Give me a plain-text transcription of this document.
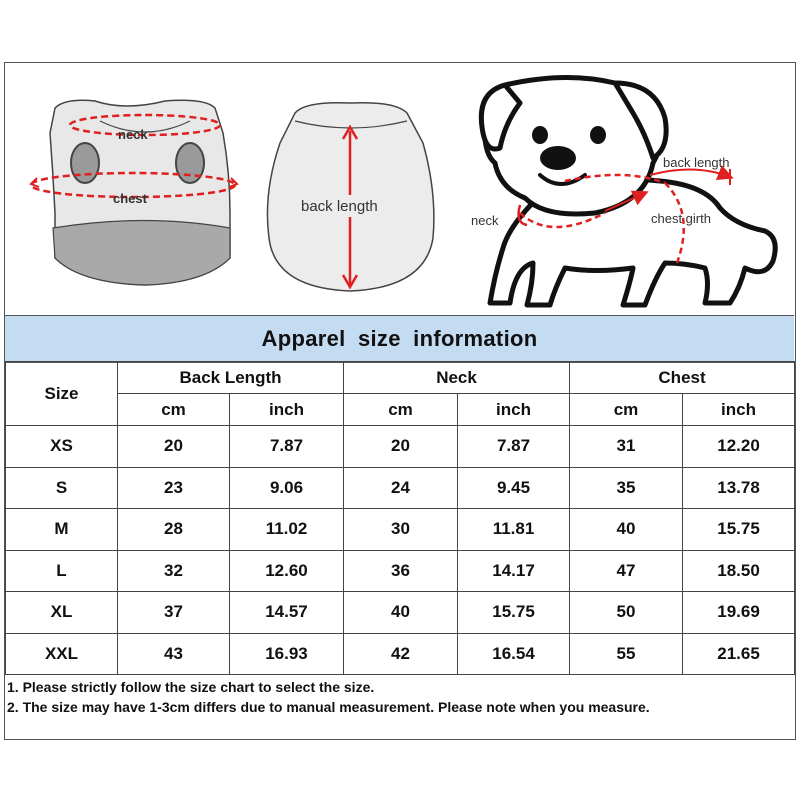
neck
chest	back length
back length
neck	chest girth
Apparel size information
Size	Back Length		Neck		Chest	
	cm	inch	cm	inch	cm	inch
XS	20	7.87	20	7.87	31	12.20
S	23	9.06	24	9.45	35	13.78
M	28	11.02	30	11.81	40	15.75
L	32	12.60	36	14.17	47	18.50
XL	37	14.57	40	15.75	50	19.69
XXL	43	16.93	42	16.54	55	21.65
1. Please strictly follow the size chart to select the size.
2. The size may have 1-3cm differs due to manual measurement. Please note when you measure.
